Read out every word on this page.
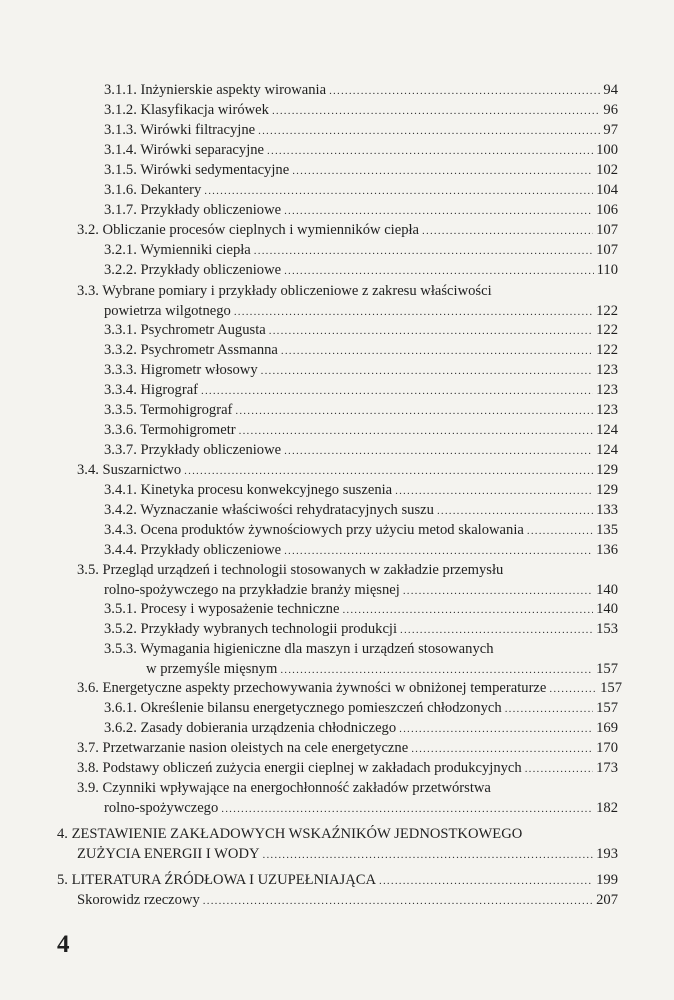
3.1.1. Inżynierskie aspekty wirowania .....	94
3.1.2. Klasyfikacja wirówek .....	96
3.1.3. Wirówki filtracyjne .....	97
3.1.4. Wirówki separacyjne .....	100
3.1.5. Wirówki sedymentacyjne .....	102
3.1.6. Dekantery .....	104
3.1.7. Przykłady obliczeniowe .....	106
3.2. Obliczanie procesów cieplnych i wymienników ciepła .....	107
3.2.1. Wymienniki ciepła .....	107
3.2.2. Przykłady obliczeniowe .....	110
3.3. Wybrane pomiary i przykłady obliczeniowe z zakresu właściwości
powietrza wilgotnego .....	122
3.3.1. Psychrometr Augusta .....	122
3.3.2. Psychrometr Assmanna .....	122
3.3.3. Higrometr włosowy .....	123
3.3.4. Higrograf .....	123
3.3.5. Termohigrograf .....	123
3.3.6. Termohigrometr .....	124
3.3.7. Przykłady obliczeniowe .....	124
3.4. Suszarnictwo .....	129
3.4.1. Kinetyka procesu konwekcyjnego suszenia .....	129
3.4.2. Wyznaczanie właściwości rehydratacyjnych suszu .....	133
3.4.3. Ocena produktów żywnościowych przy użyciu metod skalowania .....	135
3.4.4. Przykłady obliczeniowe .....	136
3.5. Przegląd urządzeń i technologii stosowanych w zakładzie przemysłu
rolno-spożywczego na przykładzie branży mięsnej .....	140
3.5.1. Procesy i wyposażenie techniczne .....	140
3.5.2. Przykłady wybranych technologii produkcji .....	153
3.5.3. Wymagania higieniczne dla maszyn i urządzeń stosowanych
w przemyśle mięsnym .....	157
3.6. Energetyczne aspekty przechowywania żywności w obniżonej temperaturze .....	157
3.6.1. Określenie bilansu energetycznego pomieszczeń chłodzonych .....	157
3.6.2. Zasady dobierania urządzenia chłodniczego .....	169
3.7. Przetwarzanie nasion oleistych na cele energetyczne .....	170
3.8. Podstawy obliczeń zużycia energii cieplnej w zakładach produkcyjnych .....	173
3.9. Czynniki wpływające na energochłonność zakładów przetwórstwa
rolno-spożywczego .....	182
4. ZESTAWIENIE ZAKŁADOWYCH WSKAŹNIKÓW JEDNOSTKOWEGO
ZUŻYCIA ENERGII I WODY .....	193
5. LITERATURA ŹRÓDŁOWA I UZUPEŁNIAJĄCA .....	199
Skorowidz rzeczowy .....	207
4
